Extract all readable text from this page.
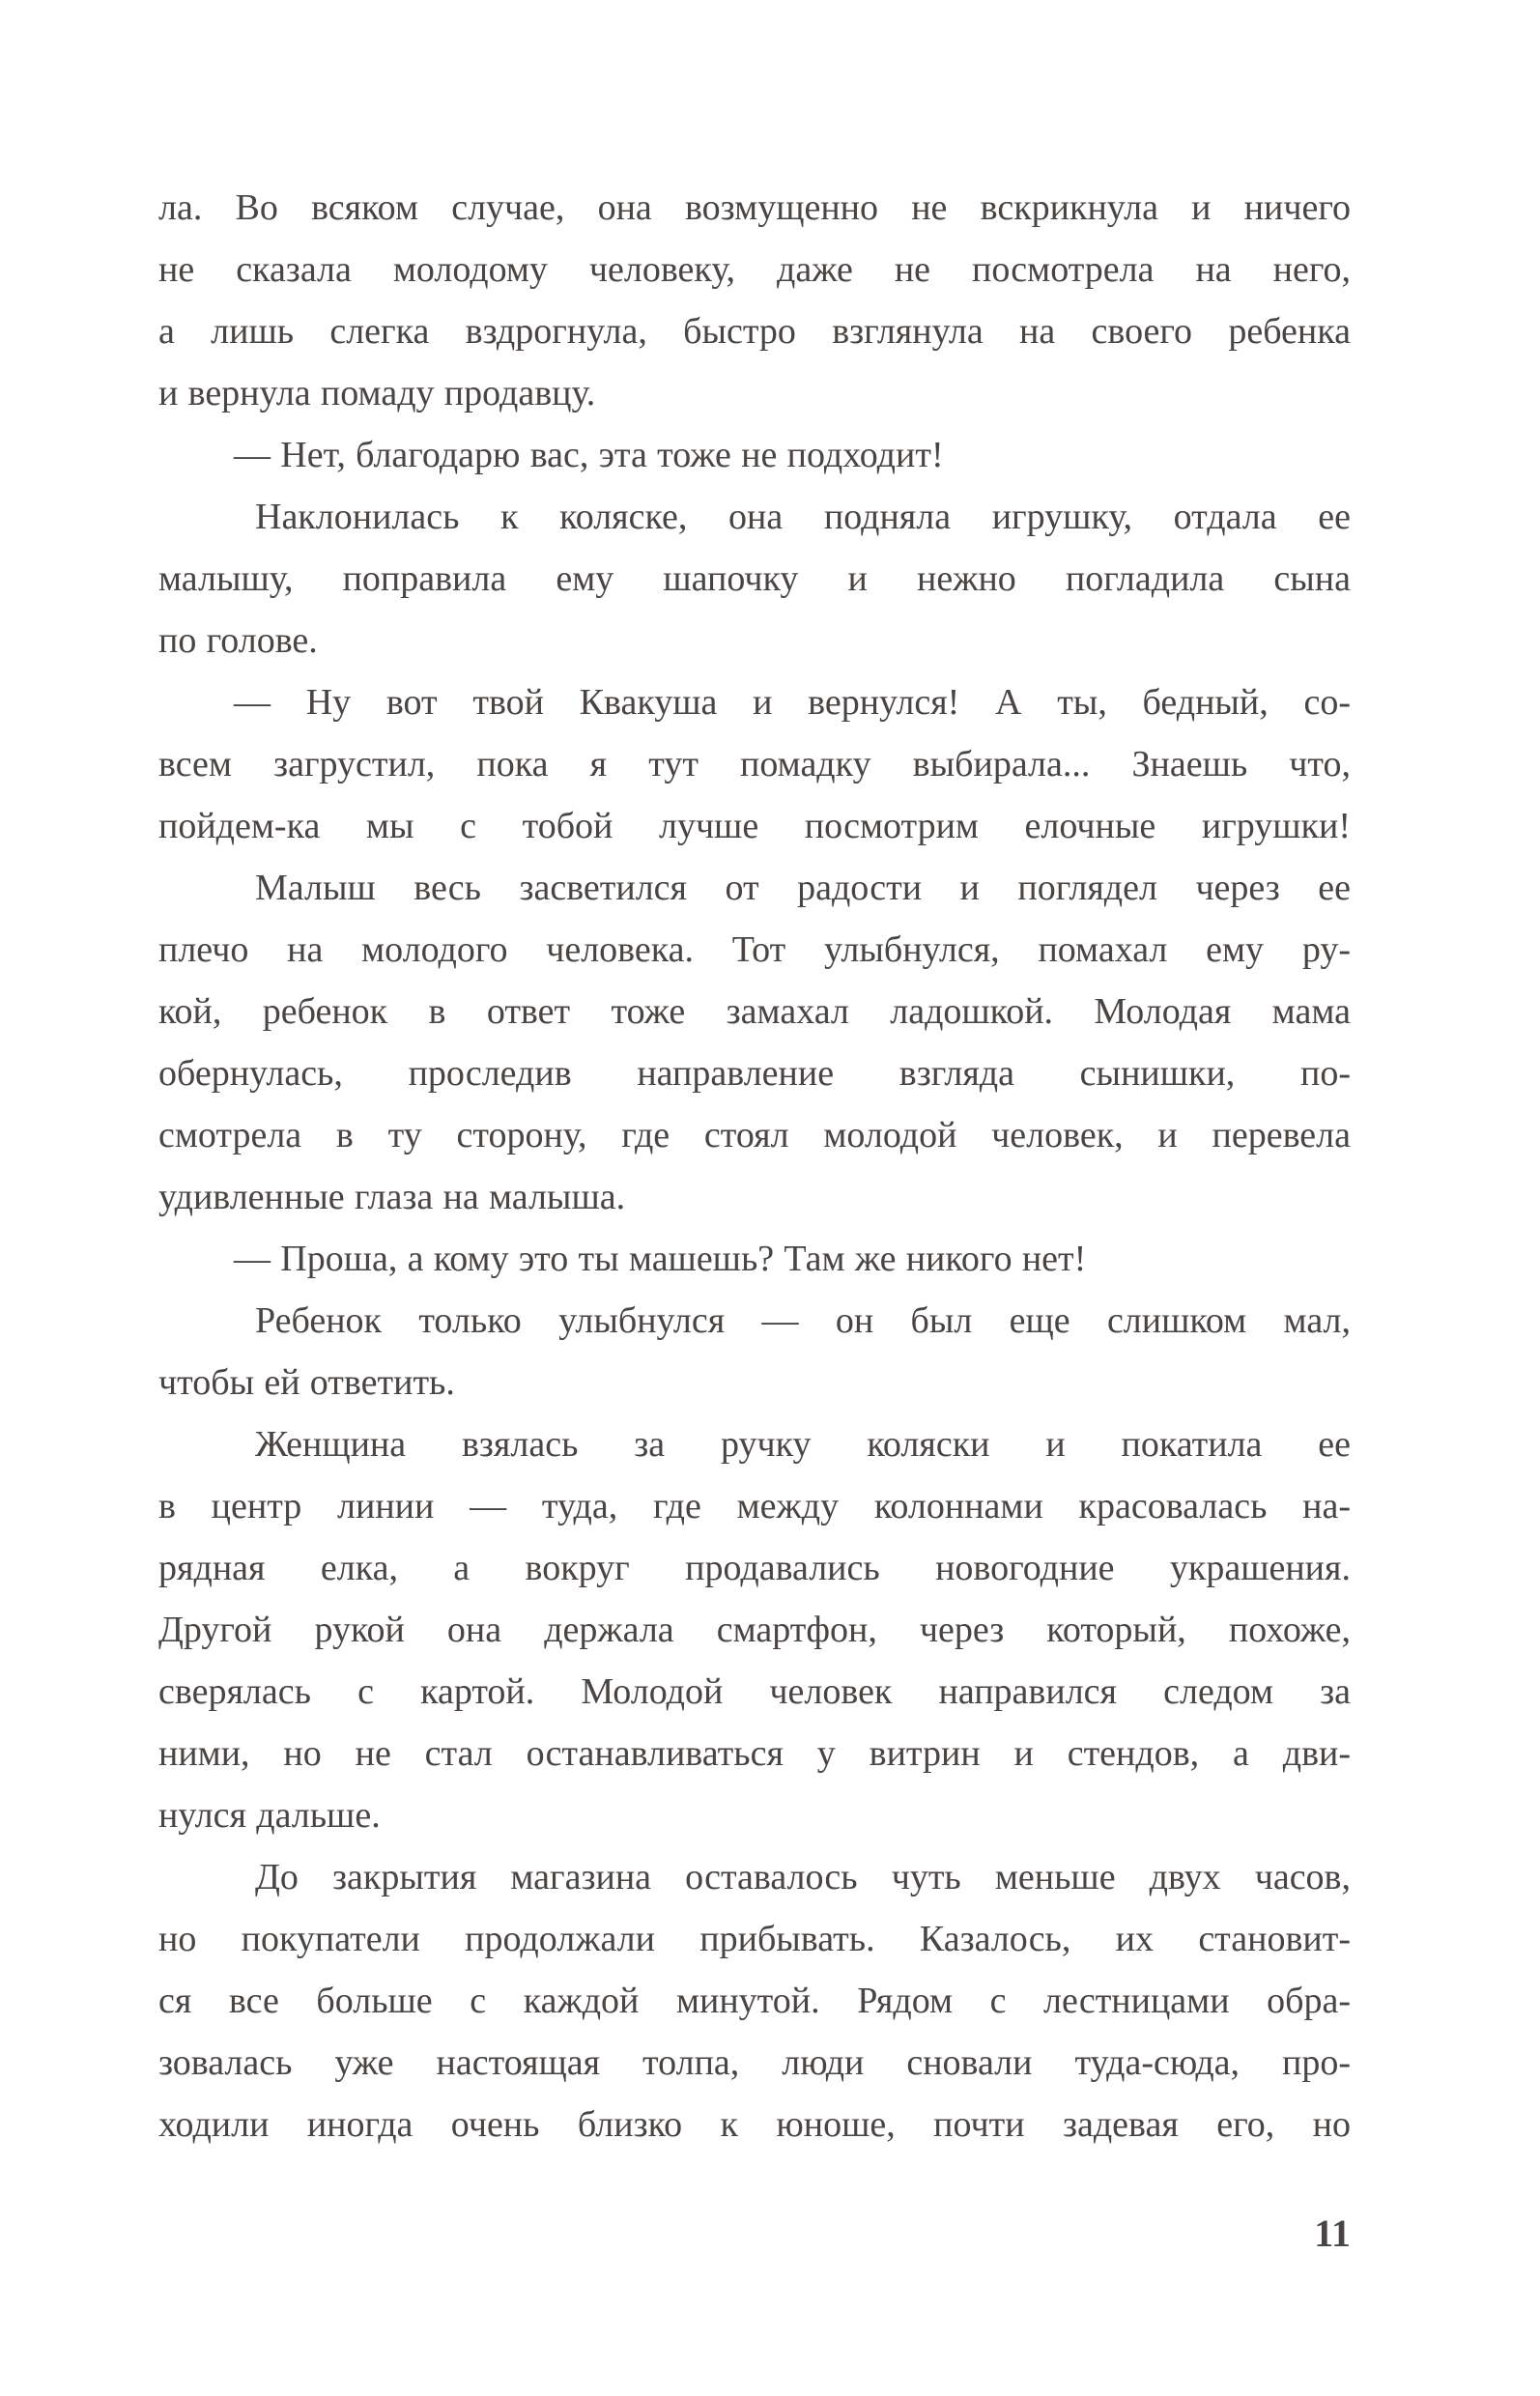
ла. Во всяком случае, она возмущенно не вскрикнула и ничего
не сказала молодому человеку, даже не посмотрела на него,
а лишь слегка вздрогнула, быстро взглянула на своего ребенка
и вернула помаду продавцу.
— Нет, благодарю вас, эта тоже не подходит!
Наклонилась к коляске, она подняла игрушку, отдала ее
малышу, поправила ему шапочку и нежно погладила сына
по голове.
— Ну вот твой Квакуша и вернулся! А ты, бедный, со-
всем загрустил, пока я тут помадку выбирала... Знаешь что,
пойдем-ка мы с тобой лучше посмотрим елочные игрушки!
Малыш весь засветился от радости и поглядел через ее
плечо на молодого человека. Тот улыбнулся, помахал ему ру-
кой, ребенок в ответ тоже замахал ладошкой. Молодая мама
обернулась, проследив направление взгляда сынишки, по-
смотрела в ту сторону, где стоял молодой человек, и перевела
удивленные глаза на малыша.
— Проша, а кому это ты машешь? Там же никого нет!
Ребенок только улыбнулся — он был еще слишком мал,
чтобы ей ответить.
Женщина взялась за ручку коляски и покатила ее
в центр линии — туда, где между колоннами красовалась на-
рядная елка, а вокруг продавались новогодние украшения.
Другой рукой она держала смартфон, через который, похоже,
сверялась с картой. Молодой человек направился следом за
ними, но не стал останавливаться у витрин и стендов, а дви-
нулся дальше.
До закрытия магазина оставалось чуть меньше двух часов,
но покупатели продолжали прибывать. Казалось, их становит-
ся все больше с каждой минутой. Рядом с лестницами обра-
зовалась уже настоящая толпа, люди сновали туда-сюда, про-
ходили иногда очень близко к юноше, почти задевая его, но
11
